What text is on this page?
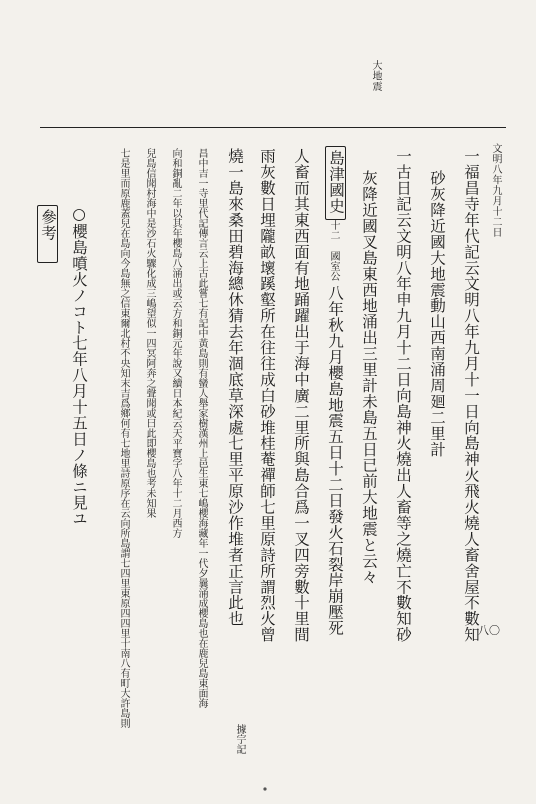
大地震
文明八年九月十二日
八〇
一福昌寺年代記云文明八年九月十一日向島神火飛火燒人畜舍屋不數知
砂灰降近國大地震動山西南涌周廻二里計
一古日記云文明八年申九月十二日向島神火燒出人畜等之燒亡不數知砂
灰降近國叉島東西地涌出三里計未島五日已前大地震と云々
島津國史
十二 國室公
八年秋九月櫻島地震五日十二日發火石裂岸崩壓死
人畜而其東西面有地踊躍出于海中廣二里所與島合爲一叉四旁數十里間
雨灰數日埋隴畝壞蹊壑所在往往成白砂堆桂菴禪師七里原詩所謂烈火曾
燒一島來桑田碧海總休猜去年涸底草深處七里平原沙作堆者正言此也
據𡧃記
昌中吉一寺里代記傳言云上古此嘗七有記中黃島則有蠻人舉家樹漢州上邑生東七嶋櫻海藏年一代夕曩涌成櫻島也在鹿兒島東面海
向和銅亂二年以其年櫻島八涌出或云方和銅元年說又續日本紀云天平寶字八年十二月西方
兒島信聞村海中是沙石火驟化成三嶋望似一四冥阿奔之聲聞或曰此即櫻島也考未知果
七是里而原鹿蓋兒在島向今島無之信東爾北村不央知末吉爲鄉何有七地里詩原序在云向所島謂七四里東原四四里十南八有町大許島則
參考 ○櫻島噴火ノコト七年八月十五日ノ條ニ見ユ
